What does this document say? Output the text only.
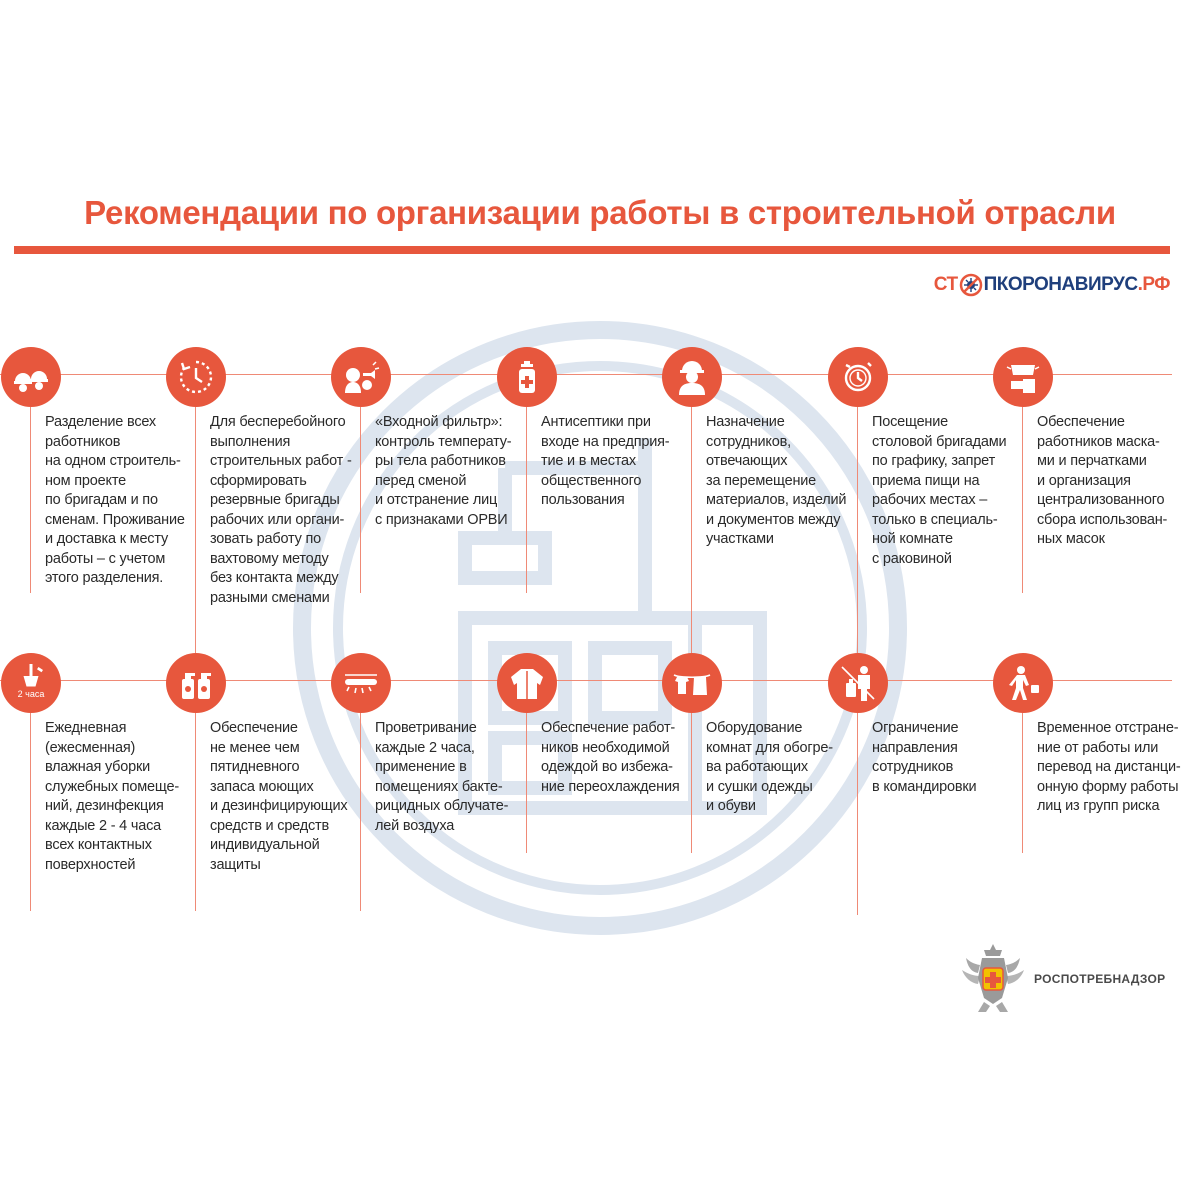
Рекомендации по организации работы в строительной отрасли
СТ ПКОРОНАВИРУС .РФ
Разделение всех
работников
на одном строитель-
ном проекте
по бригадам и по
сменам. Проживание
и доставка к месту
работы – с учетом
этого разделения.
Для бесперебойного
выполнения
строительных работ -
сформировать
резервные бригады
рабочих или органи-
зовать работу по
вахтовому методу
без контакта между
разными сменами
«Входной фильтр»:
контроль температу-
ры тела работников
перед сменой
и отстранение лиц
с признаками ОРВИ
Антисептики при
входе на предприя-
тие и в местах
общественного
пользования
Назначение
сотрудников,
отвечающих
за перемещение
материалов, изделий
и документов между
участками
Посещение
столовой бригадами
по графику, запрет
приема пищи на
рабочих местах –
только в специаль-
ной комнате
с раковиной
Обеспечение
работников маска-
ми и перчатками
и организация
централизованного
сбора использован-
ных масок
2 часа
Ежедневная
(ежесменная)
влажная уборки
служебных помеще-
ний, дезинфекция
каждые 2 - 4 часа
всех контактных
поверхностей
Обеспечение
не менее чем
пятидневного
запаса моющих
и дезинфицирующих
средств и средств
индивидуальной
защиты
Проветривание
каждые 2 часа,
применение в
помещениях бакте-
рицидных облучате-
лей воздуха
Обеспечение работ-
ников необходимой
одеждой во избежа-
ние переохлаждения
Оборудование
комнат для обогре-
ва работающих
и сушки одежды
и обуви
Ограничение
направления
сотрудников
в командировки
Временное отстране-
ние от работы или
перевод на дистанци-
онную форму работы
лиц из групп риска
РОСПОТРЕБНАДЗОР
